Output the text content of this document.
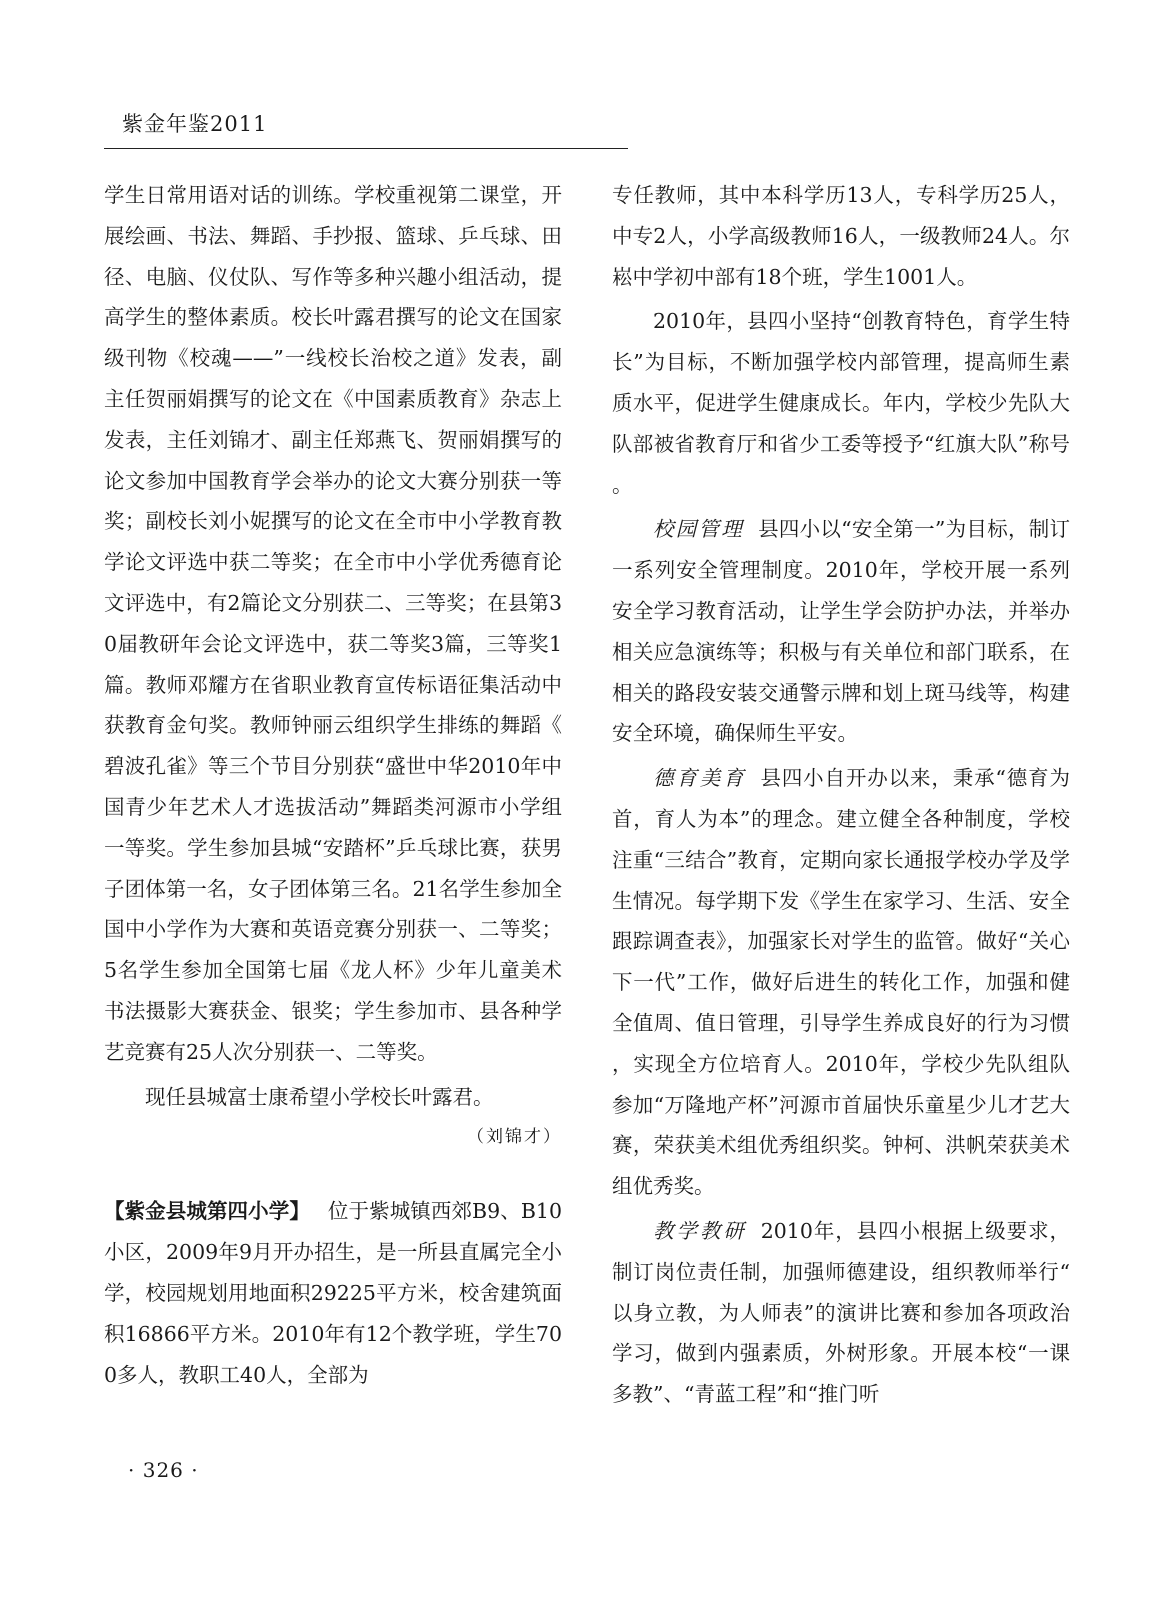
紫金年鉴2011

学生日常用语对话的训练。学校重视第二课堂，开展绘画、书法、舞蹈、手抄报、篮球、乒乓球、田径、电脑、仪仗队、写作等多种兴趣小组活动，提高学生的整体素质。校长叶露君撰写的论文在国家级刊物《校魂——”一线校长治校之道》发表，副主任贺丽娟撰写的论文在《中国素质教育》杂志上发表，主任刘锦才、副主任郑燕飞、贺丽娟撰写的论文参加中国教育学会举办的论文大赛分别获一等奖；副校长刘小妮撰写的论文在全市中小学教育教学论文评选中获二等奖；在全市中小学优秀德育论文评选中，有2篇论文分别获二、三等奖；在县第30届教研年会论文评选中，获二等奖3篇，三等奖1篇。教师邓耀方在省职业教育宣传标语征集活动中获教育金句奖。教师钟丽云组织学生排练的舞蹈《碧波孔雀》等三个节目分别获“盛世中华2010年中国青少年艺术人才选拔活动”舞蹈类河源市小学组一等奖。学生参加县城“安踏杯”乒乓球比赛，获男子团体第一名，女子团体第三名。21名学生参加全国中小学作为大赛和英语竞赛分别获一、二等奖；5名学生参加全国第七届《龙人杯》少年儿童美术书法摄影大赛获金、银奖；学生参加市、县各种学艺竞赛有25人次分别获一、二等奖。

现任县城富士康希望小学校长叶露君。

（刘锦才）

【紫金县城第四小学】 位于紫城镇西郊B9、B10小区，2009年9月开办招生，是一所县直属完全小学，校园规划用地面积29225平方米，校舍建筑面积16866平方米。2010年有12个教学班，学生700多人，教职工40人，全部为

专任教师，其中本科学历13人，专科学历25人，中专2人，小学高级教师16人，一级教师24人。尔崧中学初中部有18个班，学生1001人。

2010年，县四小坚持“创教育特色，育学生特长”为目标，不断加强学校内部管理，提高师生素质水平，促进学生健康成长。年内，学校少先队大队部被省教育厅和省少工委等授予“红旗大队”称号。

校园管理 县四小以“安全第一”为目标，制订一系列安全管理制度。2010年，学校开展一系列安全学习教育活动，让学生学会防护办法，并举办相关应急演练等；积极与有关单位和部门联系，在相关的路段安装交通警示牌和划上斑马线等，构建安全环境，确保师生平安。

德育美育 县四小自开办以来，秉承“德育为首，育人为本”的理念。建立健全各种制度，学校注重“三结合”教育，定期向家长通报学校办学及学生情况。每学期下发《学生在家学习、生活、安全跟踪调查表》，加强家长对学生的监管。做好“关心下一代”工作，做好后进生的转化工作，加强和健全值周、值日管理，引导学生养成良好的行为习惯，实现全方位培育人。2010年，学校少先队组队参加“万隆地产杯”河源市首届快乐童星少儿才艺大赛，荣获美术组优秀组织奖。钟柯、洪帆荣获美术组优秀奖。

教学教研 2010年，县四小根据上级要求，制订岗位责任制，加强师德建设，组织教师举行“以身立教，为人师表”的演讲比赛和参加各项政治学习，做到内强素质，外树形象。开展本校“一课多教”、“青蓝工程”和“推门听

· 326 ·
